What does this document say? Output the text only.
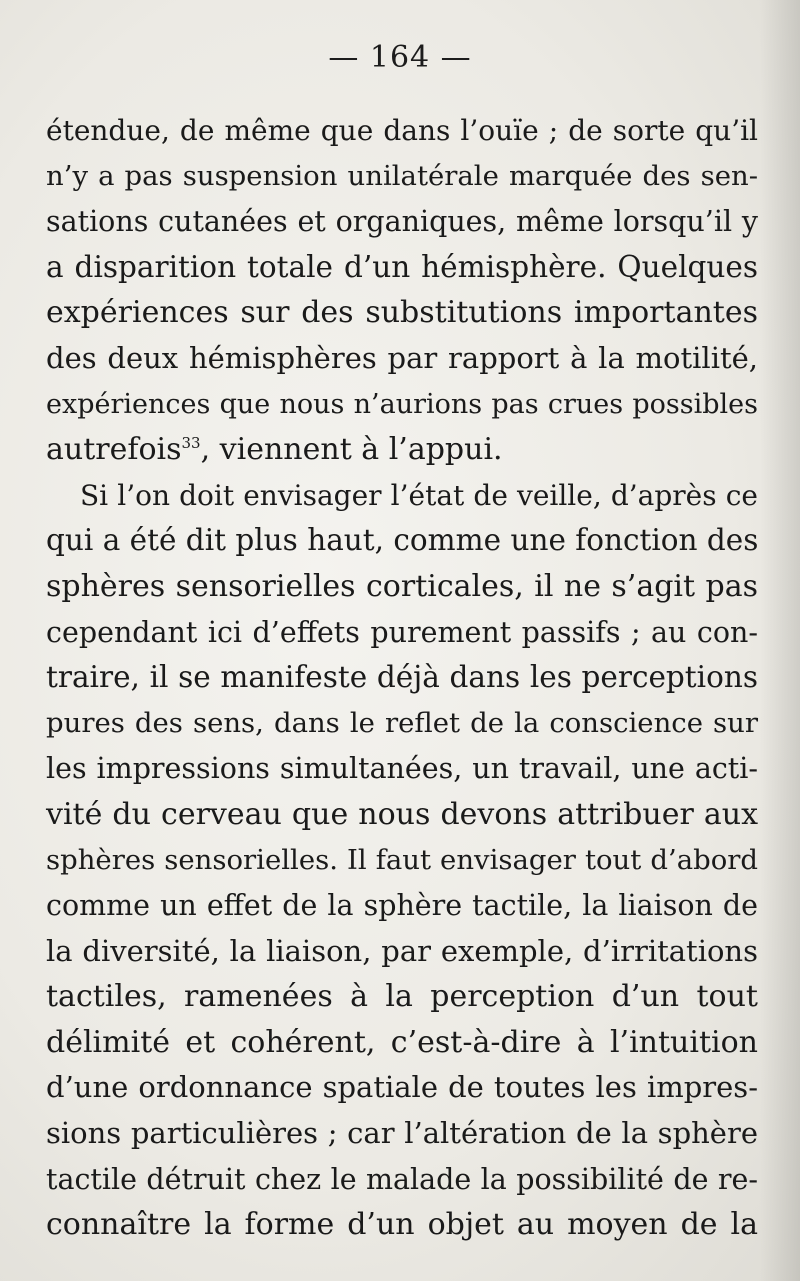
— 164 —
étendue, de même que dans l’ouïe ; de sorte qu’il
n’y a pas suspension unilatérale marquée des sen-
sations cutanées et organiques, même lorsqu’il y
a disparition totale d’un hémisphère. Quelques
expériences sur des substitutions importantes
des deux hémisphères par rapport à la motilité,
expériences que nous n’aurions pas crues possibles
autrefois$^{33}$, viennent à l’appui.
Si l’on doit envisager l’état de veille, d’après ce
qui a été dit plus haut, comme une fonction des
sphères sensorielles corticales, il ne s’agit pas
cependant ici d’effets purement passifs ; au con-
traire, il se manifeste déjà dans les perceptions
pures des sens, dans le reflet de la conscience sur
les impressions simultanées, un travail, une acti-
vité du cerveau que nous devons attribuer aux
sphères sensorielles. Il faut envisager tout d’abord
comme un effet de la sphère tactile, la liaison de
la diversité, la liaison, par exemple, d’irritations
tactiles, ramenées à la perception d’un tout
délimité et cohérent, c’est-à-dire à l’intuition
d’une ordonnance spatiale de toutes les impres-
sions particulières ; car l’altération de la sphère
tactile détruit chez le malade la possibilité de re-
connaître la forme d’un objet au moyen de la
